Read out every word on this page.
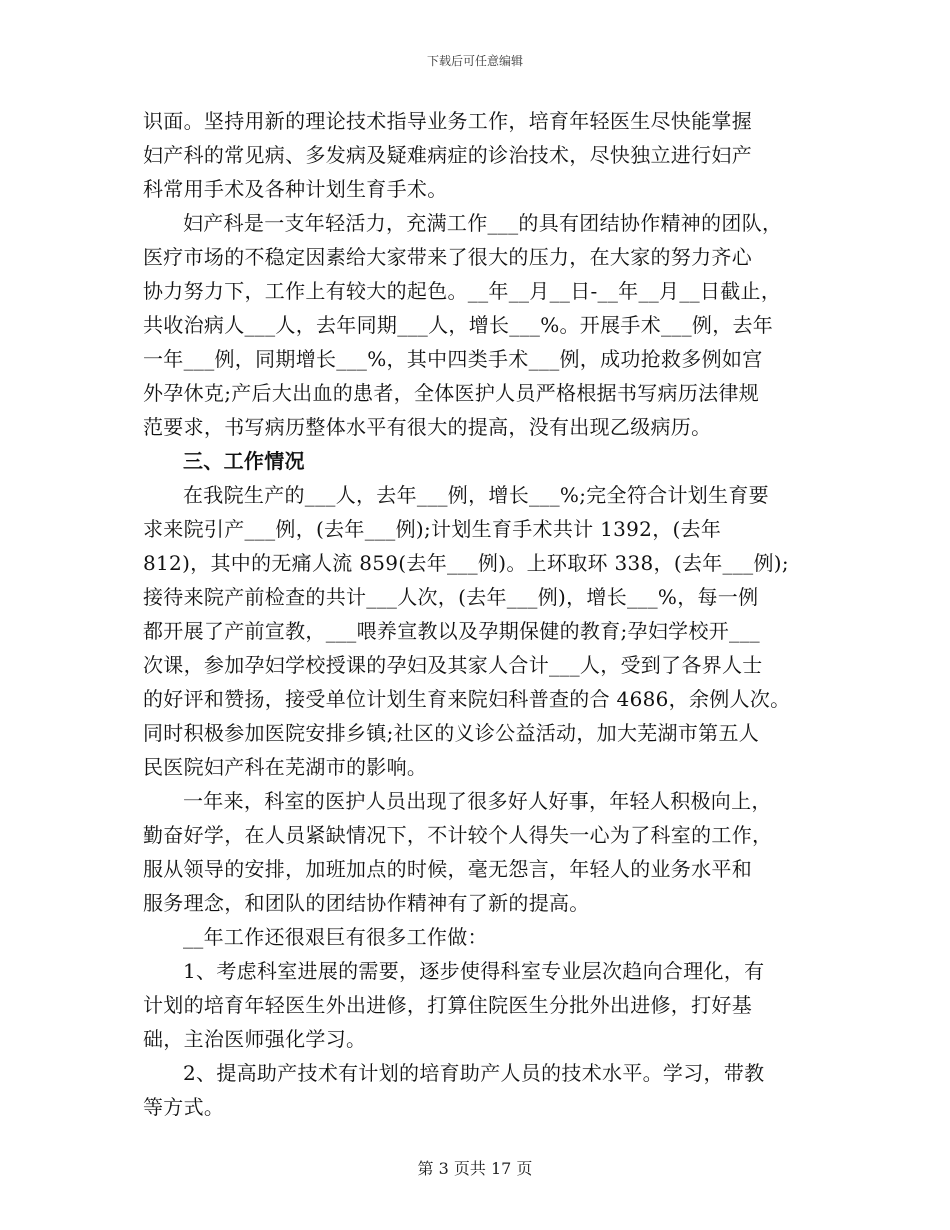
下载后可任意编辑
识面。坚持用新的理论技术指导业务工作，培育年轻医生尽快能掌握
妇产科的常见病、多发病及疑难病症的诊治技术，尽快独立进行妇产
科常用手术及各种计划生育手术。
妇产科是一支年轻活力，充满工作___的具有团结协作精神的团队，
医疗市场的不稳定因素给大家带来了很大的压力，在大家的努力齐心
协力努力下，工作上有较大的起色。__年__月__日-__年__月__日截止，
共收治病人___人，去年同期___人，增长___%。开展手术___例，去年
一年___例，同期增长___%，其中四类手术___例，成功抢救多例如宫
外孕休克;产后大出血的患者，全体医护人员严格根据书写病历法律规
范要求，书写病历整体水平有很大的提高，没有出现乙级病历。
三、工作情况
在我院生产的___人，去年___例，增长___%;完全符合计划生育要
求来院引产___例，(去年___例);计划生育手术共计 1392，(去年
812)，其中的无痛人流 859(去年___例)。上环取环 338，(去年___例);
接待来院产前检查的共计___人次，(去年___例)，增长___%，每一例
都开展了产前宣教，___喂养宣教以及孕期保健的教育;孕妇学校开___
次课，参加孕妇学校授课的孕妇及其家人合计___人，受到了各界人士
的好评和赞扬，接受单位计划生育来院妇科普查的合 4686，余例人次。
同时积极参加医院安排乡镇;社区的义诊公益活动，加大芜湖市第五人
民医院妇产科在芜湖市的影响。
一年来，科室的医护人员出现了很多好人好事，年轻人积极向上，
勤奋好学，在人员紧缺情况下，不计较个人得失一心为了科室的工作，
服从领导的安排，加班加点的时候，毫无怨言，年轻人的业务水平和
服务理念，和团队的团结协作精神有了新的提高。
__年工作还很艰巨有很多工作做：
1、考虑科室进展的需要，逐步使得科室专业层次趋向合理化，有
计划的培育年轻医生外出进修，打算住院医生分批外出进修，打好基
础，主治医师强化学习。
2、提高助产技术有计划的培育助产人员的技术水平。学习，带教
等方式。
第 3 页共 17 页
